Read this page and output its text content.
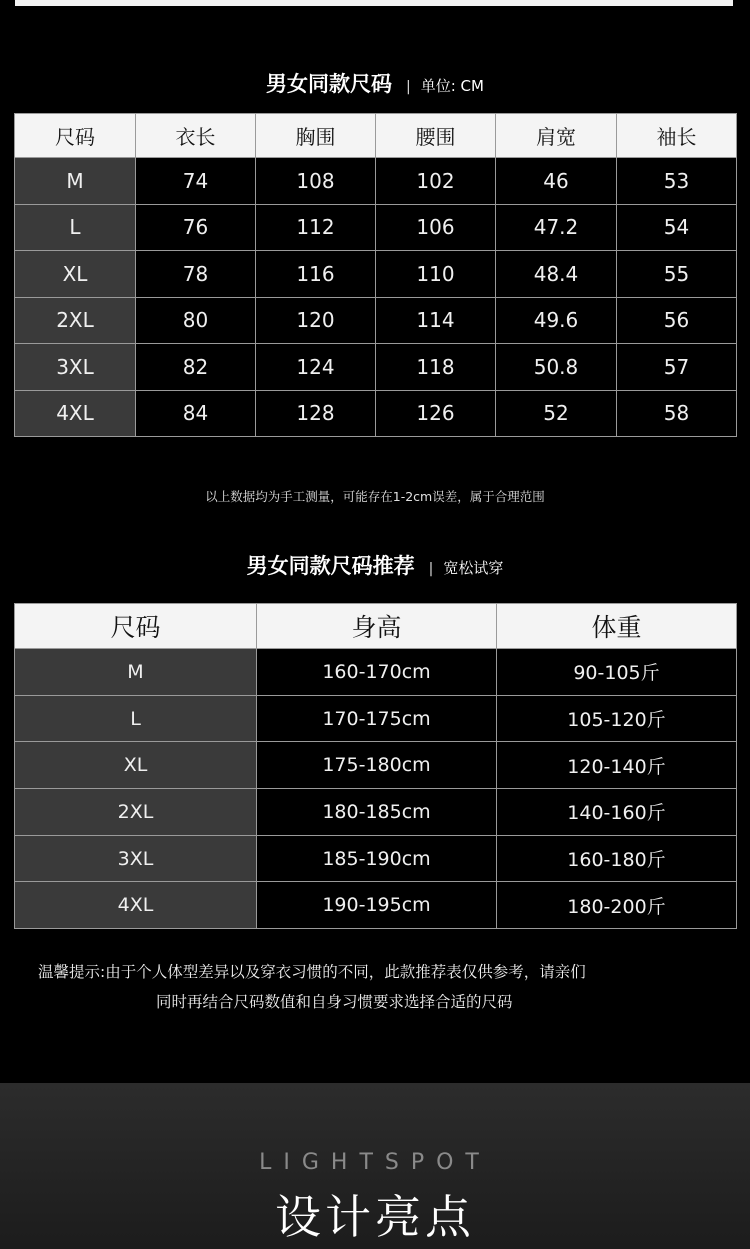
男女同款尺码 | 单位: CM
尺码	衣长	胸围	腰围	肩宽	袖长
M	74	108	102	46	53
L	76	112	106	47.2	54
XL	78	116	110	48.4	55
2XL	80	120	114	49.6	56
3XL	82	124	118	50.8	57
4XL	84	128	126	52	58
以上数据均为手工测量，可能存在1-2cm误差，属于合理范围
男女同款尺码推荐 | 宽松试穿
尺码	身高	体重
M	160-170cm	90-105斤
L	170-175cm	105-120斤
XL	175-180cm	120-140斤
2XL	180-185cm	140-160斤
3XL	185-190cm	160-180斤
4XL	190-195cm	180-200斤
温馨提示:由于个人体型差异以及穿衣习惯的不同，此款推荐表仅供参考，请亲们
同时再结合尺码数值和自身习惯要求选择合适的尺码
LIGHTSPOT
设计亮点
